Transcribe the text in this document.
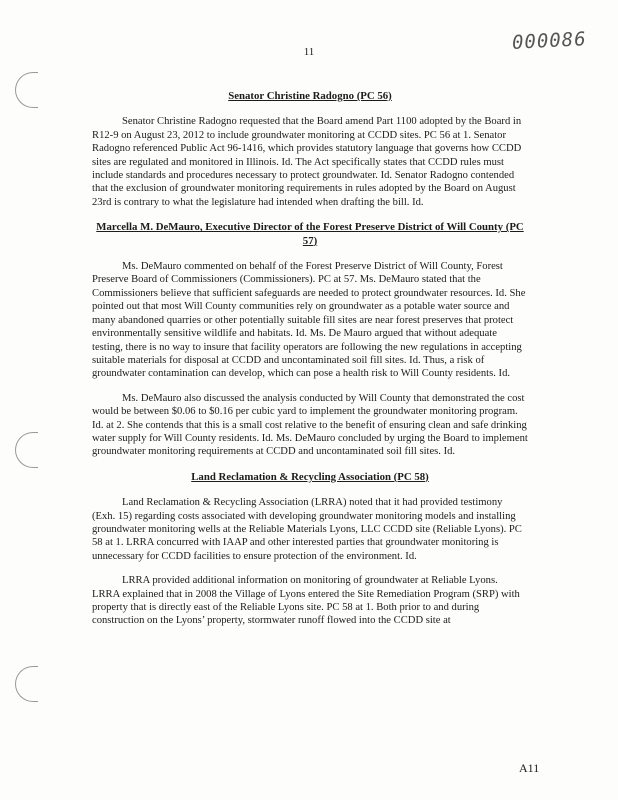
11	000086

Senator Christine Radogno (PC 56)

Senator Christine Radogno requested that the Board amend Part 1100 adopted by the Board in R12-9 on August 23, 2012 to include groundwater monitoring at CCDD sites. PC 56 at 1. Senator Radogno referenced Public Act 96-1416, which provides statutory language that governs how CCDD sites are regulated and monitored in Illinois. Id. The Act specifically states that CCDD rules must include standards and procedures necessary to protect groundwater. Id. Senator Radogno contended that the exclusion of groundwater monitoring requirements in rules adopted by the Board on August 23rd is contrary to what the legislature had intended when drafting the bill. Id.

Marcella M. DeMauro, Executive Director of the Forest Preserve District of Will County (PC 57)

Ms. DeMauro commented on behalf of the Forest Preserve District of Will County, Forest Preserve Board of Commissioners (Commissioners). PC at 57. Ms. DeMauro stated that the Commissioners believe that sufficient safeguards are needed to protect groundwater resources. Id. She pointed out that most Will County communities rely on groundwater as a potable water source and many abandoned quarries or other potentially suitable fill sites are near forest preserves that protect environmentally sensitive wildlife and habitats. Id. Ms. De Mauro argued that without adequate testing, there is no way to insure that facility operators are following the new regulations in accepting suitable materials for disposal at CCDD and uncontaminated soil fill sites. Id. Thus, a risk of groundwater contamination can develop, which can pose a health risk to Will County residents. Id.

Ms. DeMauro also discussed the analysis conducted by Will County that demonstrated the cost would be between $0.06 to $0.16 per cubic yard to implement the groundwater monitoring program. Id. at 2. She contends that this is a small cost relative to the benefit of ensuring clean and safe drinking water supply for Will County residents. Id. Ms. DeMauro concluded by urging the Board to implement groundwater monitoring requirements at CCDD and uncontaminated soil fill sites. Id.

Land Reclamation & Recycling Association (PC 58)

Land Reclamation & Recycling Association (LRRA) noted that it had provided testimony (Exh. 15) regarding costs associated with developing groundwater monitoring models and installing groundwater monitoring wells at the Reliable Materials Lyons, LLC CCDD site (Reliable Lyons). PC 58 at 1. LRRA concurred with IAAP and other interested parties that groundwater monitoring is unnecessary for CCDD facilities to ensure protection of the environment. Id.

LRRA provided additional information on monitoring of groundwater at Reliable Lyons. LRRA explained that in 2008 the Village of Lyons entered the Site Remediation Program (SRP) with property that is directly east of the Reliable Lyons site. PC 58 at 1. Both prior to and during construction on the Lyons’ property, stormwater runoff flowed into the CCDD site at

A11
